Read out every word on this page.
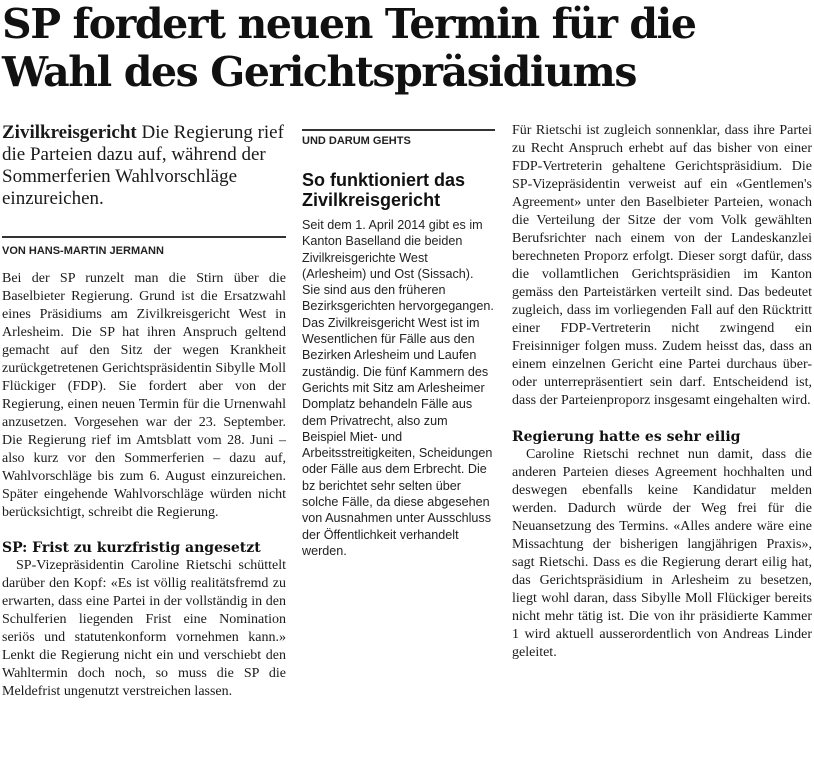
SP fordert neuen Termin für die Wahl des Gerichtspräsidiums

Zivilkreisgericht Die Regierung rief die Parteien dazu auf, während der Sommerferien Wahlvorschläge einzureichen.

VON HANS-MARTIN JERMANN

Bei der SP runzelt man die Stirn über die Baselbieter Regierung. Grund ist die Ersatzwahl eines Präsidiums am Zivilkreisgericht West in Arlesheim. Die SP hat ihren Anspruch geltend gemacht auf den Sitz der wegen Krankheit zurückgetretenen Gerichtspräsidentin Sibylle Moll Flückiger (FDP). Sie fordert aber von der Regierung, einen neuen Termin für die Urnenwahl anzusetzen. Vorgesehen war der 23. September. Die Regierung rief im Amtsblatt vom 28. Juni – also kurz vor den Sommerferien – dazu auf, Wahlvorschläge bis zum 6. August einzureichen. Später eingehende Wahlvorschläge würden nicht berücksichtigt, schreibt die Regierung.

SP: Frist zu kurzfristig angesetzt

SP-Vizepräsidentin Caroline Rietschi schüttelt darüber den Kopf: «Es ist völlig realitätsfremd zu erwarten, dass eine Partei in der vollständig in den Schulferien liegenden Frist eine Nomination seriös und statutenkonform vornehmen kann.» Lenkt die Regierung nicht ein und verschiebt den Wahltermin doch noch, so muss die SP die Meldefrist ungenutzt verstreichen lassen.

UND DARUM GEHTS

So funktioniert das Zivilkreisgericht

Seit dem 1. April 2014 gibt es im Kanton Baselland die beiden Zivilkreisgerichte West (Arlesheim) und Ost (Sissach). Sie sind aus den früheren Bezirksgerichten hervorgegangen. Das Zivilkreisgericht West ist im Wesentlichen für Fälle aus den Bezirken Arlesheim und Laufen zuständig. Die fünf Kammern des Gerichts mit Sitz am Arlesheimer Domplatz behandeln Fälle aus dem Privatrecht, also zum Beispiel Miet- und Arbeitsstreitigkeiten, Scheidungen oder Fälle aus dem Erbrecht. Die bz berichtet sehr selten über solche Fälle, da diese abgesehen von Ausnahmen unter Ausschluss der Öffentlichkeit verhandelt werden.

Für Rietschi ist zugleich sonnenklar, dass ihre Partei zu Recht Anspruch erhebt auf das bisher von einer FDP-Vertreterin gehaltene Gerichtspräsidium. Die SP-Vizepräsidentin verweist auf ein «Gentlemen's Agreement» unter den Baselbieter Parteien, wonach die Verteilung der Sitze der vom Volk gewählten Berufsrichter nach einem von der Landeskanzlei berechneten Proporz erfolgt. Dieser sorgt dafür, dass die vollamtlichen Gerichtspräsidien im Kanton gemäss den Parteistärken verteilt sind. Das bedeutet zugleich, dass im vorliegenden Fall auf den Rücktritt einer FDP-Vertreterin nicht zwingend ein Freisinniger folgen muss. Zudem heisst das, dass an einem einzelnen Gericht eine Partei durchaus über- oder unterrepräsentiert sein darf. Entscheidend ist, dass der Parteienproporz insgesamt eingehalten wird.

Regierung hatte es sehr eilig

Caroline Rietschi rechnet nun damit, dass die anderen Parteien dieses Agreement hochhalten und deswegen ebenfalls keine Kandidatur melden werden. Dadurch würde der Weg frei für die Neuansetzung des Termins. «Alles andere wäre eine Missachtung der bisherigen langjährigen Praxis», sagt Rietschi. Dass es die Regierung derart eilig hat, das Gerichtspräsidium in Arlesheim zu besetzen, liegt wohl daran, dass Sibylle Moll Flückiger bereits nicht mehr tätig ist. Die von ihr präsidierte Kammer 1 wird aktuell ausserordentlich von Andreas Linder geleitet.
